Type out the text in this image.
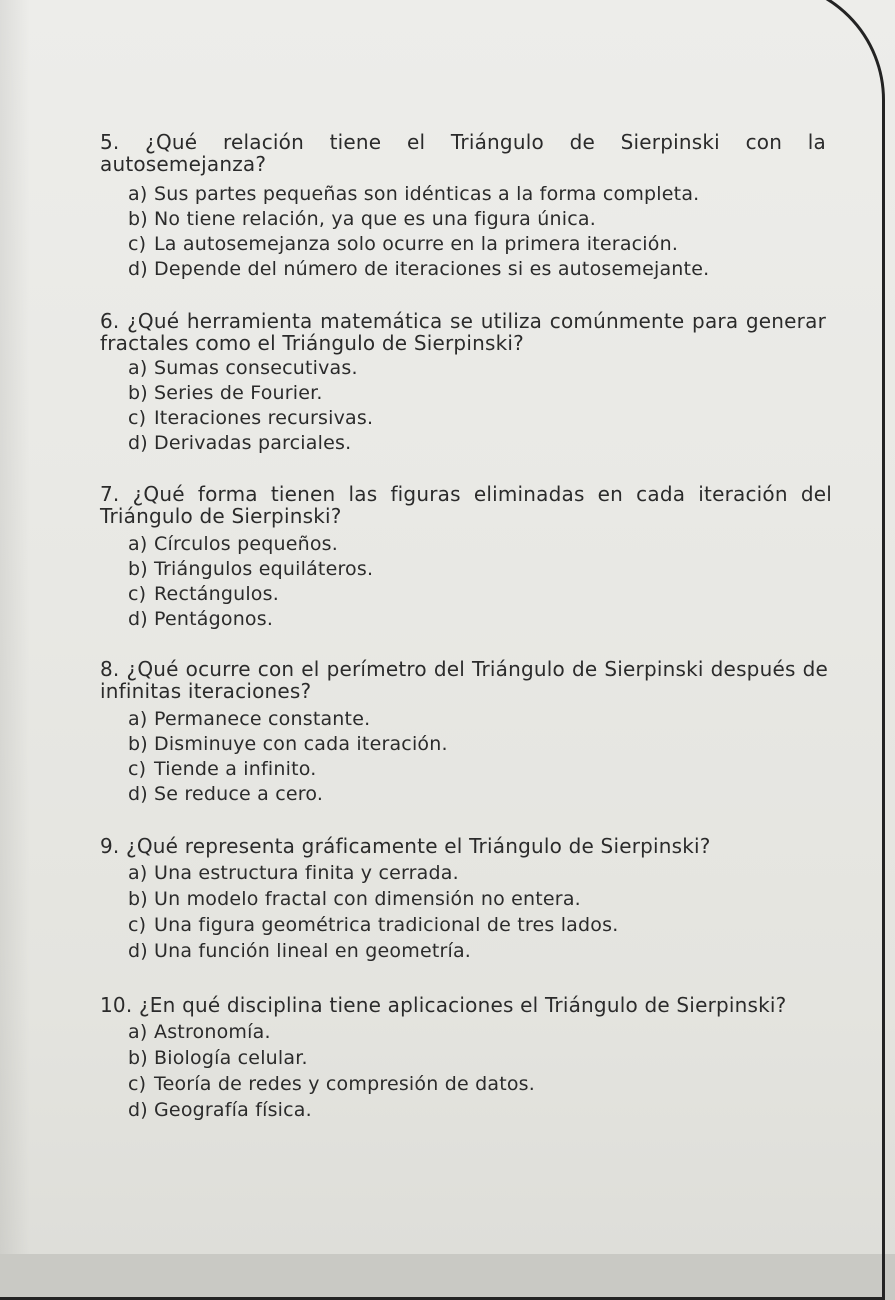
5. ¿Qué relación tiene el Triángulo de Sierpinski con la autosemejanza?
a) Sus partes pequeñas son idénticas a la forma completa.
b) No tiene relación, ya que es una figura única.
c) La autosemejanza solo ocurre en la primera iteración.
d) Depende del número de iteraciones si es autosemejante.
6. ¿Qué herramienta matemática se utiliza comúnmente para generar fractales como el Triángulo de Sierpinski?
a) Sumas consecutivas.
b) Series de Fourier.
c) Iteraciones recursivas.
d) Derivadas parciales.
7. ¿Qué forma tienen las figuras eliminadas en cada iteración del Triángulo de Sierpinski?
a) Círculos pequeños.
b) Triángulos equiláteros.
c) Rectángulos.
d) Pentágonos.
8. ¿Qué ocurre con el perímetro del Triángulo de Sierpinski después de infinitas iteraciones?
a) Permanece constante.
b) Disminuye con cada iteración.
c) Tiende a infinito.
d) Se reduce a cero.
9. ¿Qué representa gráficamente el Triángulo de Sierpinski?
a) Una estructura finita y cerrada.
b) Un modelo fractal con dimensión no entera.
c) Una figura geométrica tradicional de tres lados.
d) Una función lineal en geometría.
10. ¿En qué disciplina tiene aplicaciones el Triángulo de Sierpinski?
a) Astronomía.
b) Biología celular.
c) Teoría de redes y compresión de datos.
d) Geografía física.
